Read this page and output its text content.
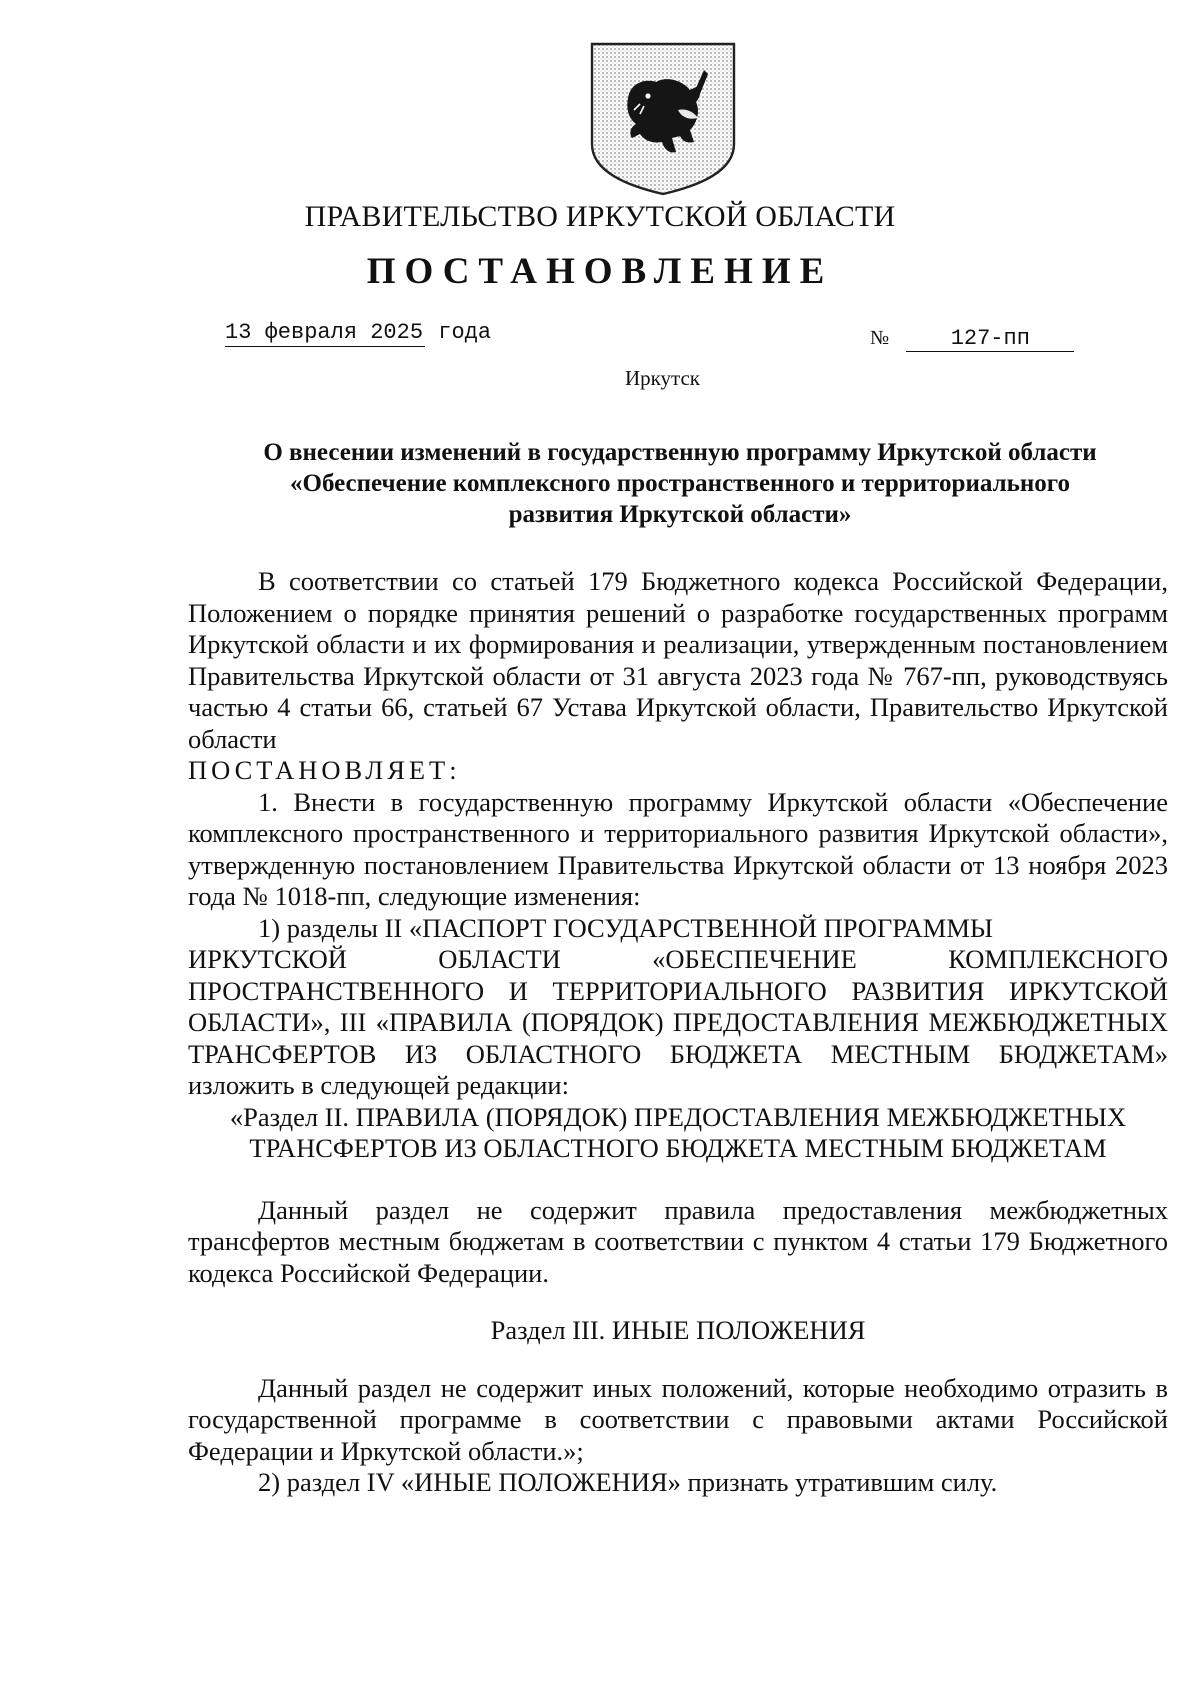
ПРАВИТЕЛЬСТВО ИРКУТСКОЙ ОБЛАСТИ
ПОСТАНОВЛЕНИЕ
13 февраля 2025 года	№	127-пп
Иркутск
О внесении изменений в государственную программу Иркутской области
«Обеспечение комплексного пространственного и территориального
развития Иркутской области»

В соответствии со статьей 179 Бюджетного кодекса Российской Федерации, Положением о порядке принятия решений о разработке государственных программ Иркутской области и их формирования и реализации, утвержденным постановлением Правительства Иркутской области от 31 августа 2023 года № 767-пп, руководствуясь частью 4 статьи 66, статьей 67 Устава Иркутской области, Правительство Иркутской области

ПОСТАНОВЛЯЕТ:

1. Внести в государственную программу Иркутской области «Обеспечение комплексного пространственного и территориального развития Иркутской области», утвержденную постановлением Правительства Иркутской области от 13 ноября 2023 года № 1018-пп, следующие изменения:

1) разделы II «ПАСПОРТ ГОСУДАРСТВЕННОЙ ПРОГРАММЫ

ИРКУТСКОЙ ОБЛАСТИ «ОБЕСПЕЧЕНИЕ КОМПЛЕКСНОГО ПРОСТРАНСТВЕННОГО И ТЕРРИТОРИАЛЬНОГО РАЗВИТИЯ ИРКУТСКОЙ ОБЛАСТИ», III «ПРАВИЛА (ПОРЯДОК) ПРЕДОСТАВЛЕНИЯ МЕЖБЮДЖЕТНЫХ ТРАНСФЕРТОВ ИЗ ОБЛАСТНОГО БЮДЖЕТА МЕСТНЫМ БЮДЖЕТАМ» изложить в следующей редакции:

«Раздел II. ПРАВИЛА (ПОРЯДОК) ПРЕДОСТАВЛЕНИЯ МЕЖБЮДЖЕТНЫХ

ТРАНСФЕРТОВ ИЗ ОБЛАСТНОГО БЮДЖЕТА МЕСТНЫМ БЮДЖЕТАМ

Данный раздел не содержит правила предоставления межбюджетных трансфертов местным бюджетам в соответствии с пунктом 4 статьи 179 Бюджетного кодекса Российской Федерации.

Раздел III. ИНЫЕ ПОЛОЖЕНИЯ

Данный раздел не содержит иных положений, которые необходимо отразить в государственной программе в соответствии с правовыми актами Российской Федерации и Иркутской области.»;

2) раздел IV «ИНЫЕ ПОЛОЖЕНИЯ» признать утратившим силу.
